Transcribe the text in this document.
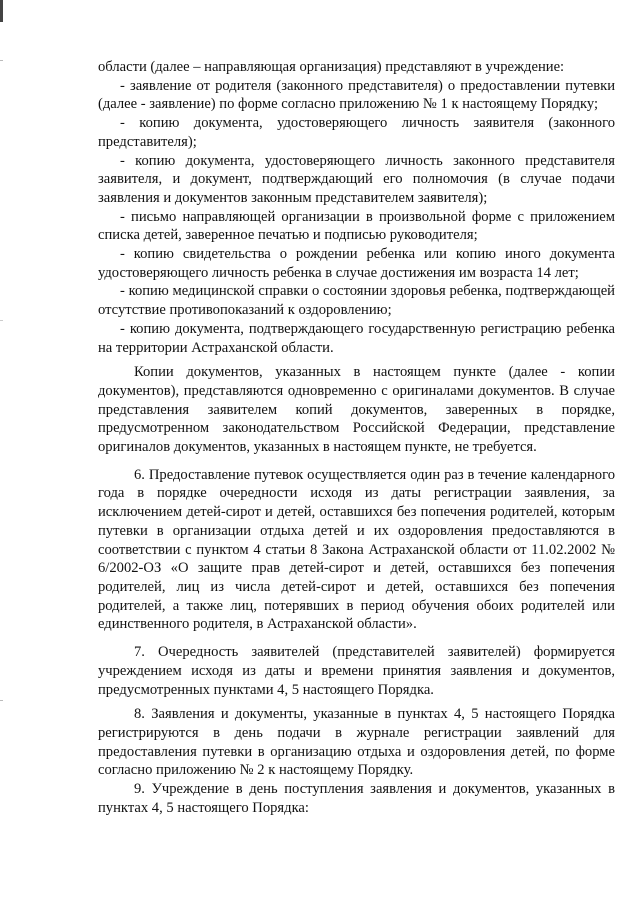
области (далее – направляющая организация) представляют в учреждение:

- заявление от родителя (законного представителя) о предоставлении путевки (далее - заявление) по форме согласно приложению № 1 к настоящему Порядку;

- копию документа, удостоверяющего личность заявителя (законного представителя);

- копию документа, удостоверяющего личность законного представителя заявителя, и документ, подтверждающий его полномочия (в случае подачи заявления и документов законным представителем заявителя);

- письмо направляющей организации в произвольной форме с приложением списка детей, заверенное печатью и подписью руководителя;

- копию свидетельства о рождении ребенка или копию иного документа удостоверяющего личность ребенка в случае достижения им возраста 14 лет;

- копию медицинской справки о состоянии здоровья ребенка, подтверждающей отсутствие противопоказаний к оздоровлению;

- копию документа, подтверждающего государственную регистрацию ребенка на территории Астраханской области.

Копии документов, указанных в настоящем пункте (далее - копии документов), представляются одновременно с оригиналами документов. В случае представления заявителем копий документов, заверенных в порядке, предусмотренном законодательством Российской Федерации, представление оригиналов документов, указанных в настоящем пункте, не требуется.

6. Предоставление путевок осуществляется один раз в течение календарного года в порядке очередности исходя из даты регистрации заявления, за исключением детей-сирот и детей, оставшихся без попечения родителей, которым путевки в организации отдыха детей и их оздоровления предоставляются в соответствии с пунктом 4 статьи 8 Закона Астраханской области от 11.02.2002 № 6/2002-ОЗ «О защите прав детей-сирот и детей, оставшихся без попечения родителей, лиц из числа детей-сирот и детей, оставшихся без попечения родителей, а также лиц, потерявших в период обучения обоих родителей или единственного родителя, в Астраханской области».

7. Очередность заявителей (представителей заявителей) формируется учреждением исходя из даты и времени принятия заявления и документов, предусмотренных пунктами 4, 5 настоящего Порядка.

8. Заявления и документы, указанные в пунктах 4, 5 настоящего Порядка регистрируются в день подачи в журнале регистрации заявлений для предоставления путевки в организацию отдыха и оздоровления детей, по форме согласно приложению № 2 к настоящему Порядку.

9. Учреждение в день поступления заявления и документов, указанных в пунктах 4, 5 настоящего Порядка:
